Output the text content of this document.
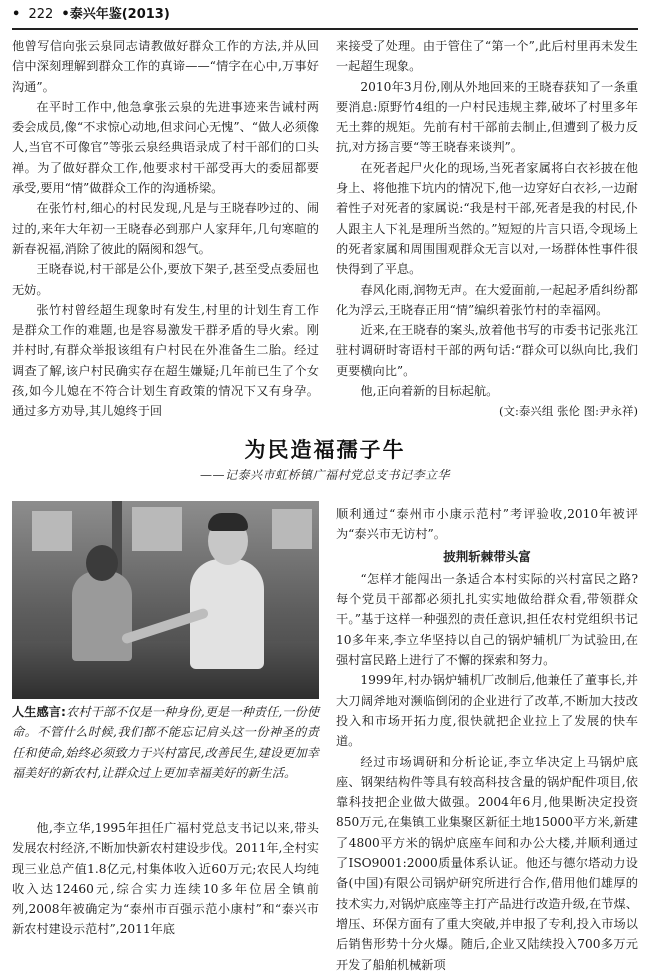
• 222 •泰兴年鉴(2013)

他曾写信向张云泉同志请教做好群众工作的方法,并从回信中深刻理解到群众工作的真谛——“情字在心中,万事好沟通”。

在平时工作中,他急拿张云泉的先进事迹来告诫村两委会成员,像“不求惊心动地,但求问心无愧”、“做人必须像人,当官不可像官”等张云泉经典语录成了村干部们的口头禅。为了做好群众工作,他要求村干部受再大的委屈都要承受,要用“情”做群众工作的沟通桥梁。

在张竹村,细心的村民发现,凡是与王晓春吵过的、闹过的,来年大年初一王晓春必到那户人家拜年,几句寒暄的新春祝福,消除了彼此的隔阂和怨气。

王晓春说,村干部是公仆,要放下架子,甚至受点委屈也无妨。

张竹村曾经超生现象时有发生,村里的计划生育工作是群众工作的难题,也是容易激发干群矛盾的导火索。刚并村时,有群众举报该组有户村民在外准备生二胎。经过调查了解,该户村民确实存在超生嫌疑;几年前已生了个女孩,如今儿媳在不符合计划生育政策的情况下又有身孕。通过多方劝导,其儿媳终于回

来接受了处理。由于管住了“第一个”,此后村里再未发生一起超生现象。

2010年3月份,刚从外地回来的王晓春获知了一条重要消息:原野竹4组的一户村民违规主葬,破坏了村里多年无土葬的规矩。先前有村干部前去制止,但遭到了极力反抗,对方扬言要“等王晓春来谈判”。

在死者起尸火化的现场,当死者家属将白衣衫披在他身上、将他推下坑内的情况下,他一边穿好白衣衫,一边耐着性子对死者的家属说:“我是村干部,死者是我的村民,仆人跟主人下礼是理所当然的。”短短的片言只语,令现场上的死者家属和周围围观群众无言以对,一场群体性事件很快得到了平息。

春风化雨,润物无声。在大爱面前,一起起矛盾纠纷都化为浮云,王晓春正用“情”编织着张竹村的幸福网。

近来,在王晓春的案头,放着他书写的市委书记张兆江驻村调研时寄语村干部的两句话:“群众可以纵向比,我们更要横向比”。

他,正向着新的目标起航。

(文:泰兴组 张伦 图:尹永祥)

为民造福孺子牛
——记泰兴市虹桥镇广福村党总支书记李立华
人生感言:农村干部不仅是一种身份,更是一种责任,一份使命。不管什么时候,我们都不能忘记肩头这一份神圣的责任和使命,始终必须致力于兴村富民,改善民生,建设更加幸福美好的新农村,让群众过上更加幸福美好的新生活。

他,李立华,1995年担任广福村党总支书记以来,带头发展农村经济,不断加快新农村建设步伐。2011年,全村实现三业总产值1.8亿元,村集体收入近60万元;农民人均纯收入达12460元,综合实力连续10多年位居全镇前列,2008年被确定为“泰州市百强示范小康村”和“泰兴市新农村建设示范村”,2011年底

顺利通过“泰州市小康示范村”考评验收,2010年被评为“泰兴市无访村”。

披荆斩棘带头富

“怎样才能闯出一条适合本村实际的兴村富民之路?每个党员干部都必须扎扎实实地做给群众看,带领群众干。”基于这样一种强烈的责任意识,担任农村党组织书记10多年来,李立华坚持以自己的锅炉辅机厂为试验田,在强村富民路上进行了不懈的探索和努力。

1999年,村办锅炉辅机厂改制后,他兼任了董事长,并大刀阔斧地对濒临倒闭的企业进行了改革,不断加大技改投入和市场开拓力度,很快就把企业拉上了发展的快车道。

经过市场调研和分析论证,李立华决定上马锅炉底座、钢架结构件等具有较高科技含量的锅炉配件项目,依靠科技把企业做大做强。2004年6月,他果断决定投资850万元,在集镇工业集聚区新征土地15000平方米,新建了4800平方米的锅炉底座车间和办公大楼,并顺利通过了ISO9001:2000质量体系认证。他还与德尔塔动力设备(中国)有限公司锅炉研究所进行合作,借用他们雄厚的技术实力,对锅炉底座等主打产品进行改造升级,在节煤、增压、环保方面有了重大突破,并申报了专利,投入市场以后销售形势十分火爆。随后,企业又陆续投入700多万元开发了船舶机械新项
